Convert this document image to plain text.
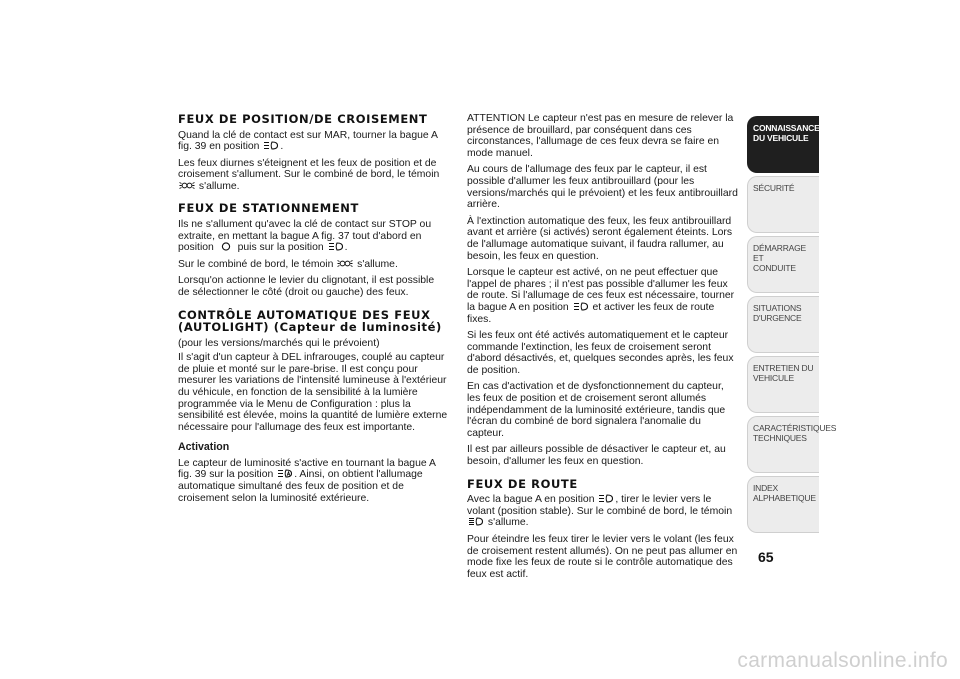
FEUX DE POSITION/DE CROISEMENT

Quand la clé de contact est sur MAR, tourner la bague A fig. 39 en position .

Les feux diurnes s'éteignent et les feux de position et de croisement s'allument. Sur le combiné de bord, le témoin
s'allume.

FEUX DE STATIONNEMENT

Ils ne s'allument qu'avec la clé de contact sur STOP ou extraite, en mettant la bague A fig. 37 tout d'abord en position puis sur la position .

Sur le combiné de bord, le témoin s'allume.

Lorsqu'on actionne le levier du clignotant, il est possible de sélectionner le côté (droit ou gauche) des feux.

CONTRÔLE AUTOMATIQUE DES FEUX (AUTOLIGHT) (Capteur de luminosité)

(pour les versions/marchés qui le prévoient)

Il s'agit d'un capteur à DEL infrarouges, couplé au capteur de pluie et monté sur le pare-brise. Il est conçu pour mesurer les variations de l'intensité lumineuse à l'extérieur du véhicule, en fonction de la sensibilité à la lumière programmée via le Menu de Configuration : plus la sensibilité est élevée, moins la quantité de lumière externe nécessaire pour l'allumage des feux est importante.

Activation

Le capteur de luminosité s'active en tournant la bague A fig. 39 sur la position . Ainsi, on obtient l'allumage automatique simultané des feux de position et de croisement selon la luminosité extérieure.

ATTENTION Le capteur n'est pas en mesure de relever la présence de brouillard, par conséquent dans ces circonstances, l'allumage de ces feux devra se faire en mode manuel.

Au cours de l'allumage des feux par le capteur, il est possible d'allumer les feux antibrouillard (pour les versions/marchés qui le prévoient) et les feux antibrouillard arrière.

À l'extinction automatique des feux, les feux antibrouillard avant et arrière (si activés) seront également éteints. Lors de l'allumage automatique suivant, il faudra rallumer, au besoin, les feux en question.

Lorsque le capteur est activé, on ne peut effectuer que l'appel de phares ; il n'est pas possible d'allumer les feux de route. Si l'allumage de ces feux est nécessaire, tourner la bague A en position et activer les feux de route fixes.

Si les feux ont été activés automatiquement et le capteur commande l'extinction, les feux de croisement seront d'abord désactivés, et, quelques secondes après, les feux de position.

En cas d'activation et de dysfonctionnement du capteur, les feux de position et de croisement seront allumés indépendamment de la luminosité extérieure, tandis que l'écran du combiné de bord signalera l'anomalie du capteur.

Il est par ailleurs possible de désactiver le capteur et, au besoin, d'allumer les feux en question.

FEUX DE ROUTE

Avec la bague A en position , tirer le levier vers le volant (position stable). Sur le combiné de bord, le témoin
s'allume.

Pour éteindre les feux tirer le levier vers le volant (les feux de croisement restent allumés). On ne peut pas allumer en mode fixe les feux de route si le contrôle automatique des feux est actif.

CONNAISSANCE
DU VEHICULE
SÉCURITÉ
DÉMARRAGE ET
CONDUITE
SITUATIONS
D'URGENCE
ENTRETIEN DU
VEHICULE
CARACTÉRISTIQUES
TECHNIQUES
INDEX
ALPHABETIQUE
65
carmanualsonline.info
